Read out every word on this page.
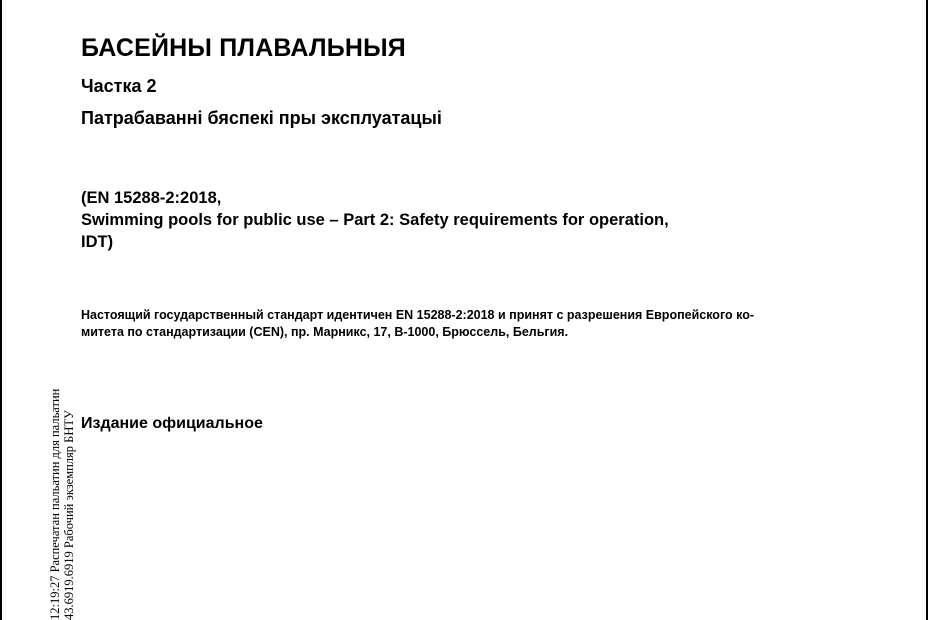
БАСЕЙНЫ ПЛАВАЛЬНЫЯ
Частка 2
Патрабаванні бяспекі пры эксплуатацыі
(EN 15288-2:2018,
Swimming pools for public use – Part 2: Safety requirements for operation,
IDT)
Настоящий государственный стандарт идентичен EN 15288-2:2018 и принят с разрешения Европейского ко-
митета по стандартизации (CEN), пр. Марникс, 17, B-1000, Брюссель, Бельгия.
Издание официальное
12:19:27 Распечатан пальатин для пальатин 43.6919.6919 Рабочий экземпляр БНТУ
